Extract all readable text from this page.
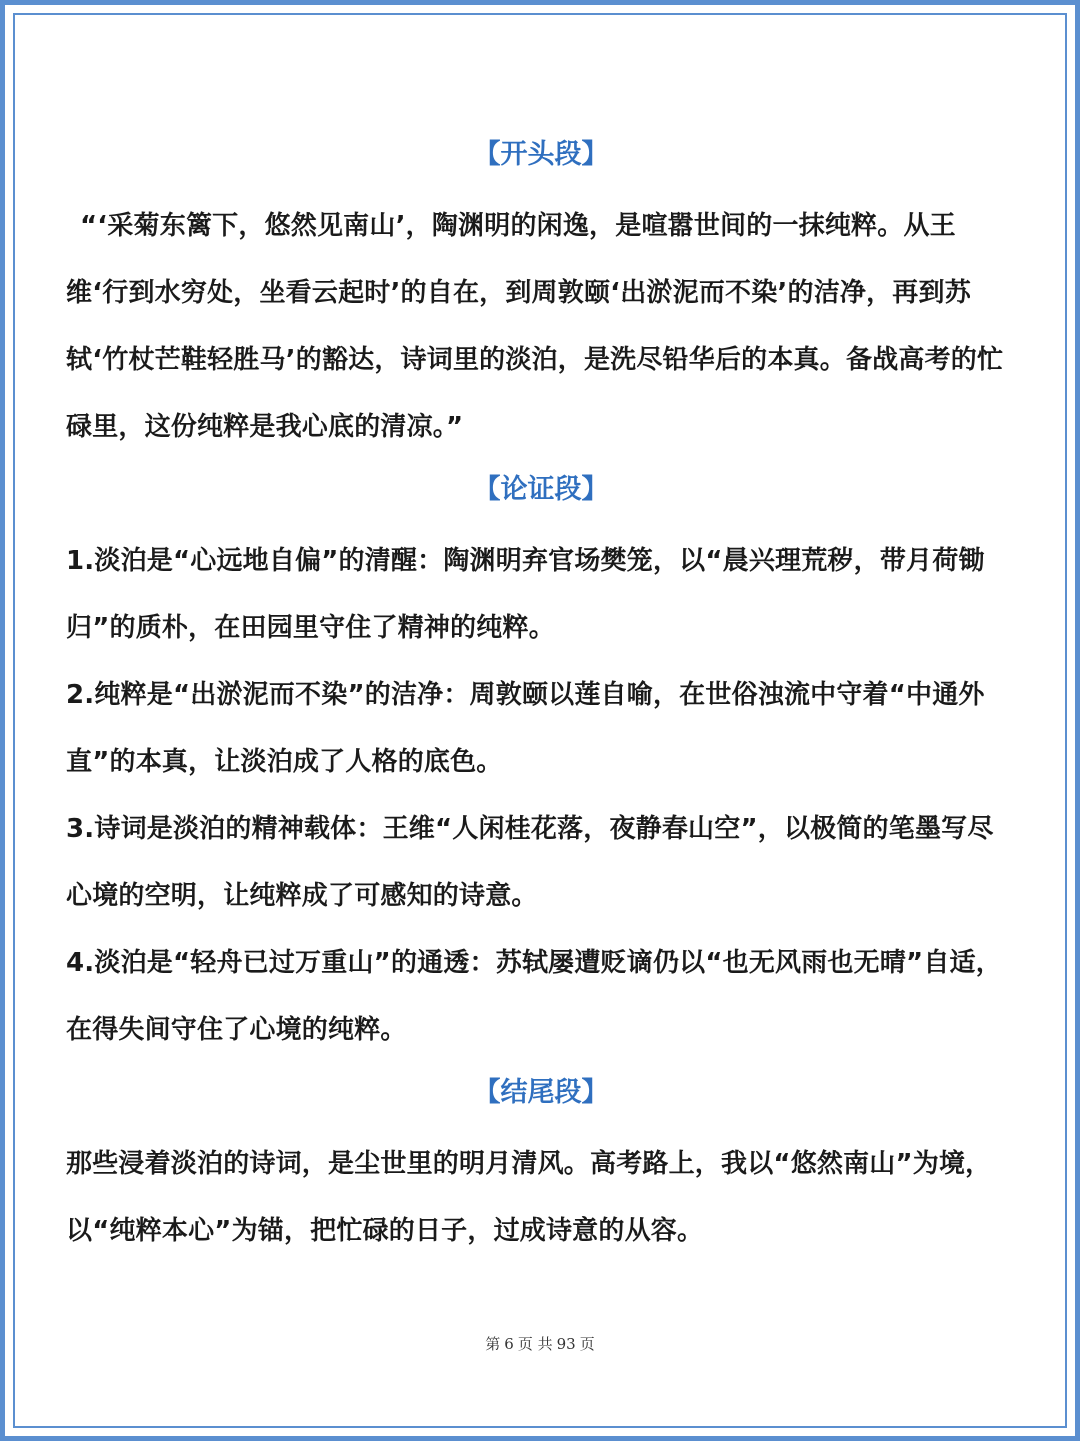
【开头段】

“‘采菊东篱下，悠然见南山’，陶渊明的闲逸，是喧嚣世间的一抹纯粹。从王维‘行到水穷处，坐看云起时’的自在，到周敦颐‘出淤泥而不染’的洁净，再到苏轼‘竹杖芒鞋轻胜马’的豁达，诗词里的淡泊，是洗尽铅华后的本真。备战高考的忙碌里，这份纯粹是我心底的清凉。”

【论证段】

1.淡泊是“心远地自偏”的清醒：陶渊明弃官场樊笼，以“晨兴理荒秽，带月荷锄归”的质朴，在田园里守住了精神的纯粹。

2.纯粹是“出淤泥而不染”的洁净：周敦颐以莲自喻，在世俗浊流中守着“中通外直”的本真，让淡泊成了人格的底色。

3.诗词是淡泊的精神载体：王维“人闲桂花落，夜静春山空”，以极简的笔墨写尽心境的空明，让纯粹成了可感知的诗意。

4.淡泊是“轻舟已过万重山”的通透：苏轼屡遭贬谪仍以“也无风雨也无晴”自适，在得失间守住了心境的纯粹。

【结尾段】

那些浸着淡泊的诗词，是尘世里的明月清风。高考路上，我以“悠然南山”为境，以“纯粹本心”为锚，把忙碌的日子，过成诗意的从容。

第 6 页 共 93 页
